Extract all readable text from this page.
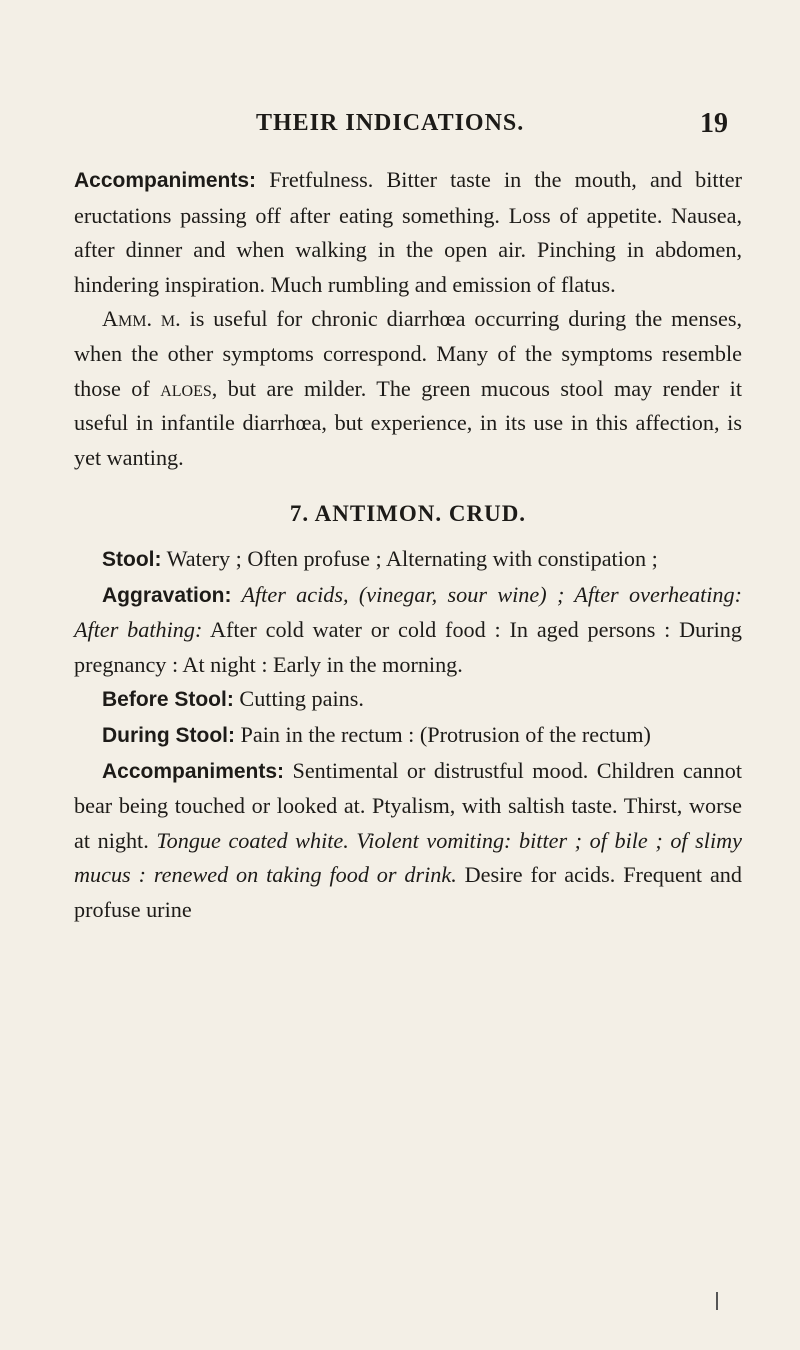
THEIR INDICATIONS.	19

Accompaniments: Fretfulness. Bitter taste in the mouth, and bitter eructations passing off after eating something. Loss of appetite. Nausea, after dinner and when walking in the open air. Pinching in abdomen, hindering inspiration. Much rumbling and emission of flatus.

Amm. m. is useful for chronic diarrhœa occurring during the menses, when the other symptoms correspond. Many of the symptoms resemble those of aloes, but are milder. The green mucous stool may render it useful in infantile diarrhœa, but experience, in its use in this affection, is yet wanting.

7. ANTIMON. CRUD.

Stool: Watery ; Often profuse ; Alternating with constipation ;

Aggravation: After acids, (vinegar, sour wine) ; After overheating: After bathing: After cold water or cold food : In aged persons : During pregnancy : At night : Early in the morning.

Before Stool: Cutting pains.

During Stool: Pain in the rectum : (Protrusion of the rectum)

Accompaniments: Sentimental or distrustful mood. Children cannot bear being touched or looked at. Ptyalism, with saltish taste. Thirst, worse at night. Tongue coated white. Violent vomiting: bitter ; of bile ; of slimy mucus : renewed on taking food or drink. Desire for acids. Frequent and profuse urine
